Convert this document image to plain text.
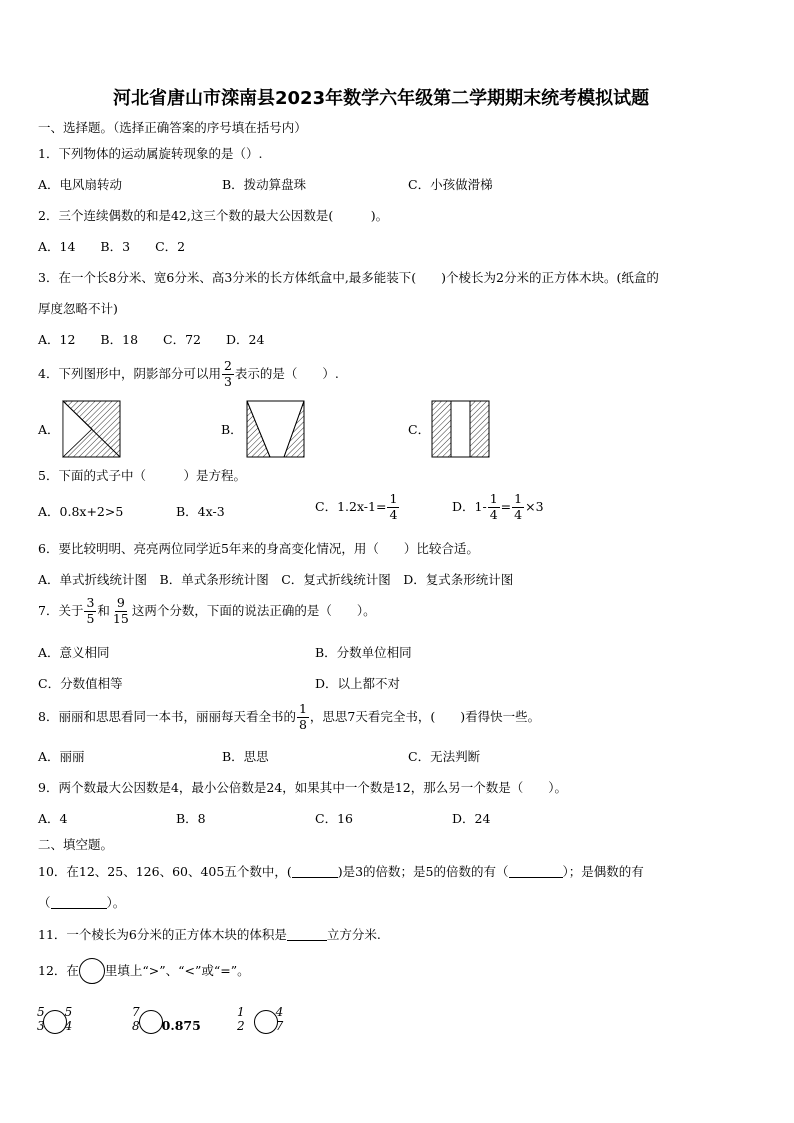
河北省唐山市滦南县2023年数学六年级第二学期期末统考模拟试题
一、选择题。（选择正确答案的序号填在括号内）
1．下列物体的运动属旋转现象的是（）.
A．电风扇转动	B．拨动算盘珠	C．小孩做滑梯
2．三个连续偶数的和是42,这三个数的最大公因数是(　　　)。
A．14　　B．3　　C．2
3．在一个长8分米、宽6分米、高3分米的长方体纸盒中,最多能装下(　　)个棱长为2分米的正方体木块。(纸盒的
厚度忽略不计)
A．12　　B．18　　C．72　　D．24
4．下列图形中，阴影部分可以用 $\frac{2}{3}$ 表示的是（　　）.
A．	B．	C．
5．下面的式子中（　　　）是方程。
A．0.8x+2>5	B．4x-3	C．$1.2x-1= \frac{1}{4}$	D．$1- \frac{1}{4} = \frac{1}{4} \times 3$
6．要比较明明、亮亮两位同学近5年来的身高变化情况，用（　　）比较合适。
A．单式折线统计图　B．单式条形统计图　C．复式折线统计图　D．复式条形统计图
7．关于 $\frac{3}{5}$ 和 $\frac{9}{15}$ 这两个分数，下面的说法正确的是（　　）。
A．意义相同	B．分数单位相同
C．分数值相等	D．以上都不对
8．丽丽和思思看同一本书，丽丽每天看全书的 $\frac{1}{8}$ ，思思7天看完全书，(　　)看得快一些。
A．丽丽	B．思思	C．无法判断
9．两个数最大公因数是4，最小公倍数是24，如果其中一个数是12，那么另一个数是（　　）。
A．4	B．8	C．16	D．24
二、填空题。
10．在12、25、126、60、405五个数中，(	)是3的倍数；是5的倍数的有（	）；是偶数的有
（	）。
11．一个棱长为6分米的正方体木块的体积是	立方分米.
12．在 里填上“>”、“<”或“=”。
5
3
5
4
7
8 0.875
1
2
4
7
